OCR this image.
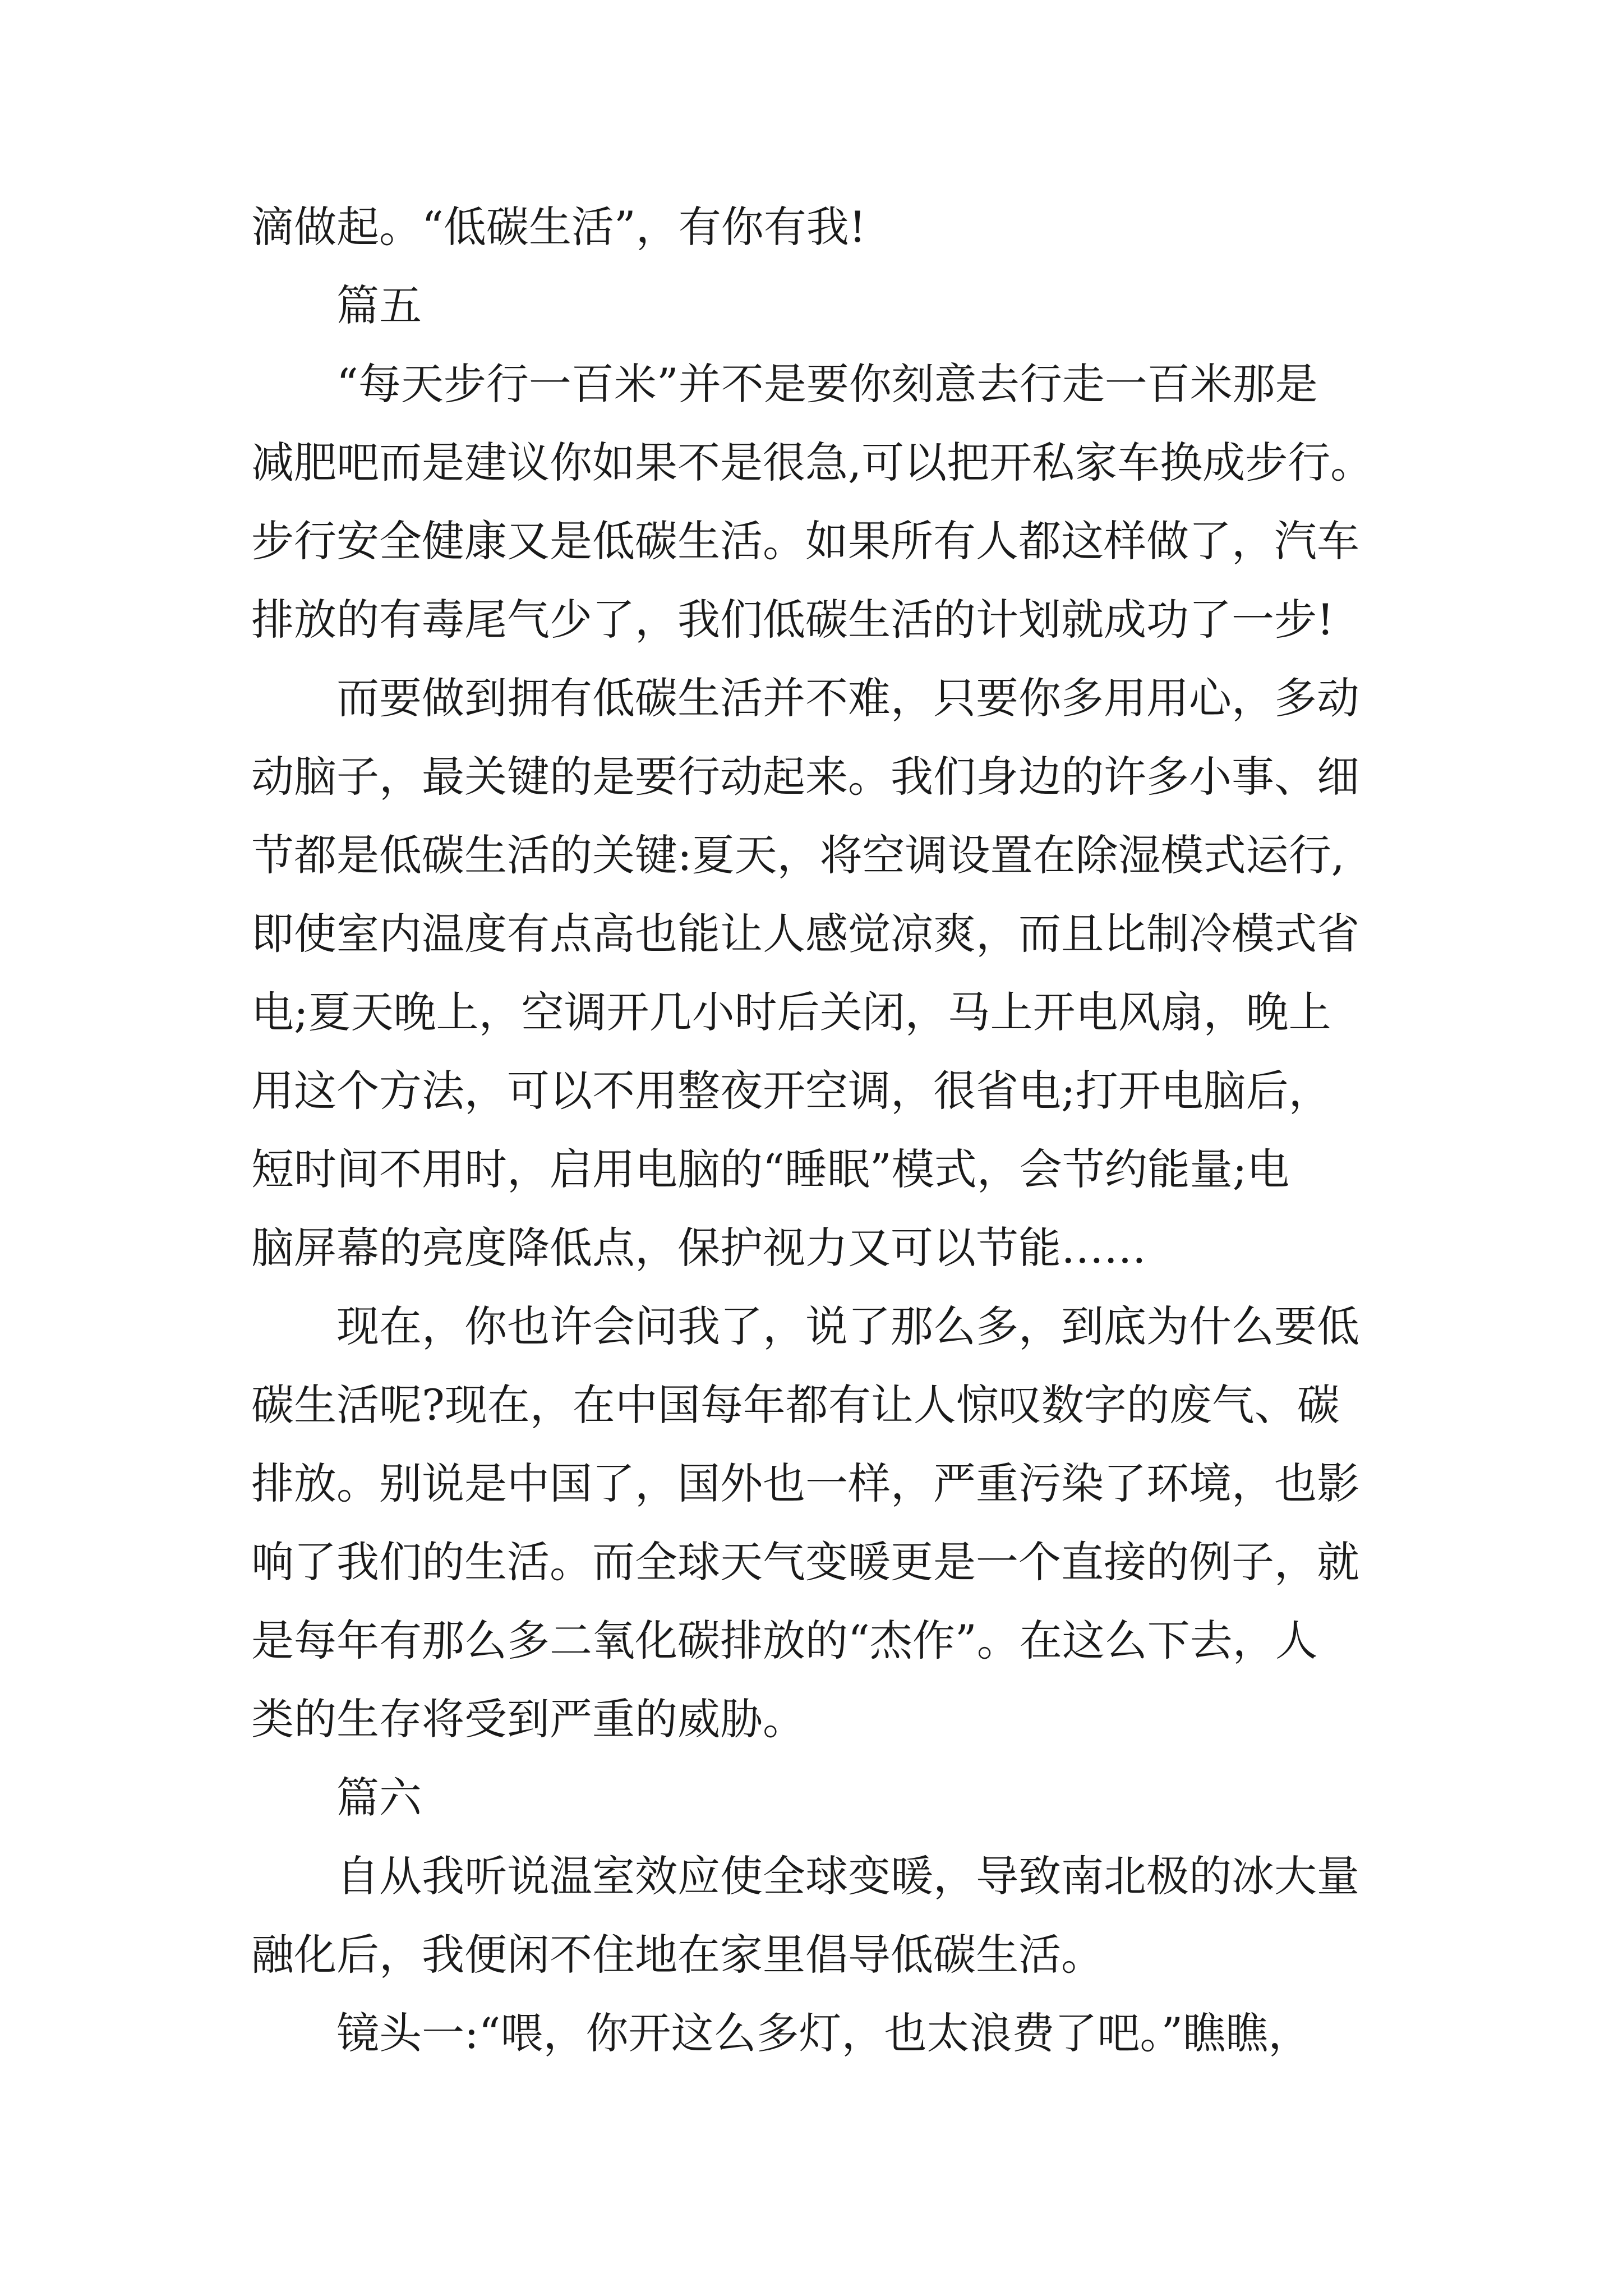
滴做起。“低碳生活”，有你有我!

篇五

“每天步行一百米”并不是要你刻意去行走一百米那是

减肥吧而是建议你如果不是很急,可以把开私家车换成步行。

步行安全健康又是低碳生活。如果所有人都这样做了，汽车

排放的有毒尾气少了，我们低碳生活的计划就成功了一步!

而要做到拥有低碳生活并不难，只要你多用用心，多动

动脑子，最关键的是要行动起来。我们身边的许多小事、细

节都是低碳生活的关键:夏天，将空调设置在除湿模式运行,

即使室内温度有点高也能让人感觉凉爽，而且比制冷模式省

电;夏天晚上，空调开几小时后关闭，马上开电风扇，晚上

用这个方法，可以不用整夜开空调，很省电;打开电脑后，

短时间不用时，启用电脑的“睡眠”模式，会节约能量;电

脑屏幕的亮度降低点，保护视力又可以节能……

现在，你也许会问我了，说了那么多，到底为什么要低

碳生活呢?现在，在中国每年都有让人惊叹数字的废气、碳

排放。别说是中国了，国外也一样，严重污染了环境，也影

响了我们的生活。而全球天气变暖更是一个直接的例子，就

是每年有那么多二氧化碳排放的“杰作”。在这么下去，人

类的生存将受到严重的威胁。

篇六

自从我听说温室效应使全球变暖，导致南北极的冰大量

融化后，我便闲不住地在家里倡导低碳生活。

镜头一:“喂，你开这么多灯，也太浪费了吧。”瞧瞧，
